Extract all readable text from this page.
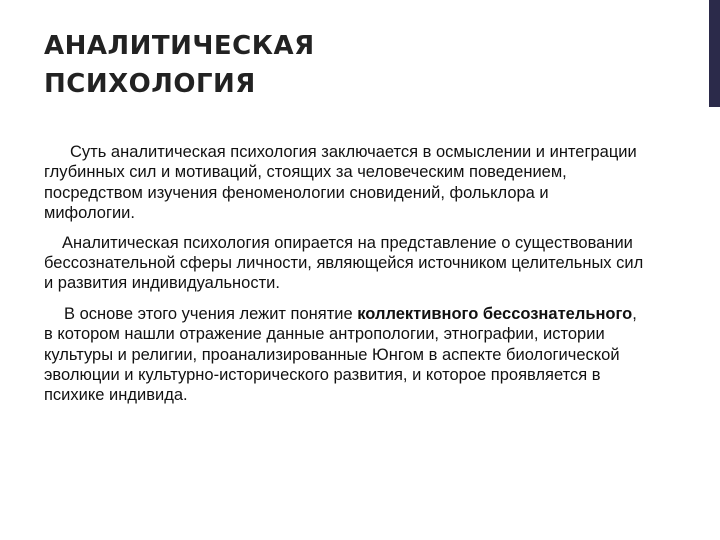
АНАЛИТИЧЕСКАЯ
ПСИХОЛОГИЯ

Суть аналитическая психология заключается в осмыслении и интеграции глубинных сил и мотиваций, стоящих за человеческим поведением, посредством изучения феноменологии сновидений, фольклора и мифологии.

Аналитическая психология опирается на представление о существовании бессознательной сферы личности, являющейся источником целительных сил и развития индивидуальности.

В основе этого учения лежит понятие коллективного бессознательного, в котором нашли отражение данные антропологии, этнографии, истории культуры и религии, проанализированные Юнгом в аспекте биологической эволюции и культурно-исторического развития, и которое проявляется в психике индивида.
